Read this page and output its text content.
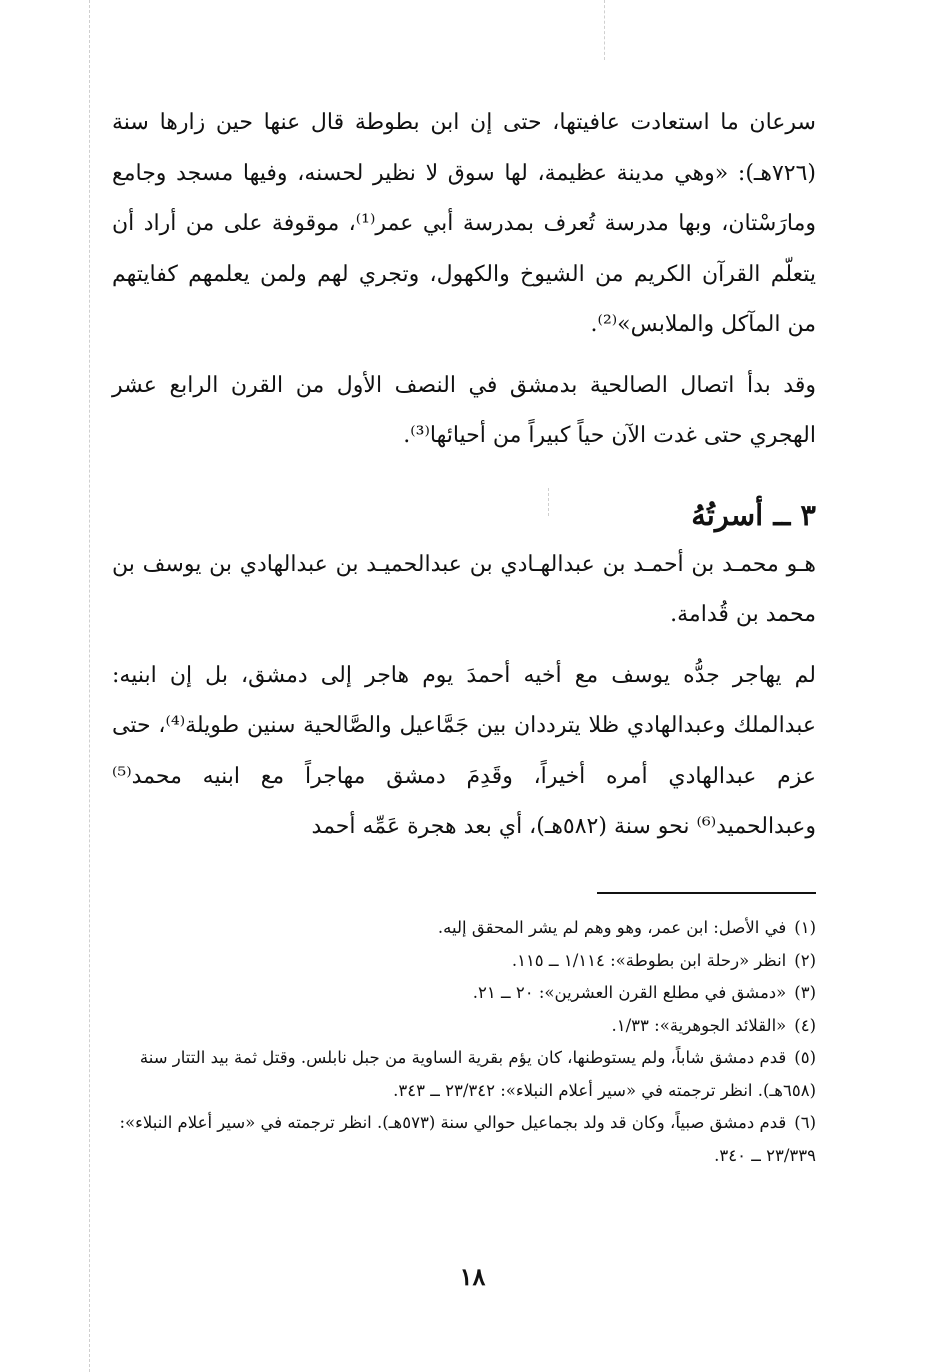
سرعان ما استعادت عافيتها، حتى إن ابن بطوطة قال عنها حين زارها سنة (٧٢٦هـ): «وهي مدينة عظيمة، لها سوق لا نظير لحسنه، وفيها مسجد وجامع ومارَسْتان، وبها مدرسة تُعرف بمدرسة أبي عمر⁽¹⁾، موقوفة على من أراد أن يتعلّم القرآن الكريم من الشيوخ والكهول، وتجري لهم ولمن يعلمهم كفايتهم من المآكل والملابس»⁽²⁾.

وقد بدأ اتصال الصالحية بدمشق في النصف الأول من القرن الرابع عشر الهجري حتى غدت الآن حياً كبيراً من أحيائها⁽³⁾.

٣ ــ أسرتُهُ

هـو محمـد بن أحمـد بن عبدالهـادي بن عبدالحميـد بن عبدالهادي بن يوسف بن محمد بن قُدامة.

لم يهاجر جدُّه يوسف مع أخيه أحمدَ يوم هاجر إلى دمشق، بل إن ابنيه: عبدالملك وعبدالهادي ظلا يترددان بين جَمَّاعيل والصَّالحية سنين طويلة⁽⁴⁾، حتى عزم عبدالهادي أمره أخيراً، وقَدِمَ دمشق مهاجراً مع ابنيه محمد⁽⁵⁾ وعبدالحميد⁽⁶⁾ نحو سنة (٥٨٢هـ)، أي بعد هجرة عَمِّه أحمد

(١)في الأصل: ابن عمر، وهو وهم لم يشر المحقق إليه.

(٢)انظر «رحلة ابن بطوطة»: ١/١١٤ ــ ١١٥.

(٣)«دمشق في مطلع القرن العشرين»: ٢٠ ــ ٢١.

(٤)«القلائد الجوهرية»: ١/٣٣.

(٥)قدم دمشق شاباً، ولم يستوطنها، كان يؤم بقرية الساوية من جبل نابلس. وقتل ثمة بيد التتار سنة (٦٥٨هـ). انظر ترجمته في «سير أعلام النبلاء»: ٢٣/٣٤٢ ــ ٣٤٣.

(٦)قدم دمشق صبياً، وكان قد ولد بجماعيل حوالي سنة (٥٧٣هـ). انظر ترجمته في «سير أعلام النبلاء»: ٢٣/٣٣٩ ــ ٣٤٠.

١٨
